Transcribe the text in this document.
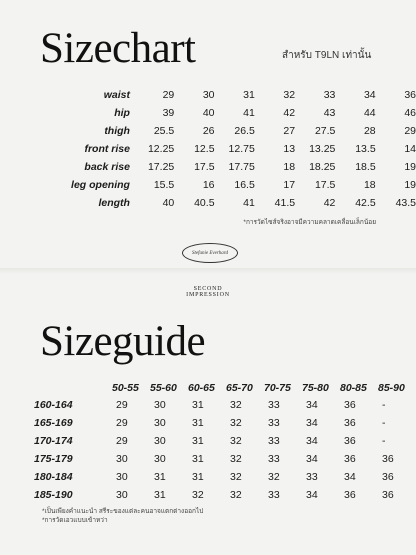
Sizechart	สำหรับ T9LN เท่านั้น
waist	29	30	31	32	33	34	36
hip	39	40	41	42	43	44	46
thigh	25.5	26	26.5	27	27.5	28	29
front rise	12.25	12.5	12.75	13	13.25	13.5	14
back rise	17.25	17.5	17.75	18	18.25	18.5	19
leg opening	15.5	16	16.5	17	17.5	18	19
length	40	40.5	41	41.5	42	42.5	43.5
*การวัดไซส์จริงอาจมีความคลาดเคลื่อนเล็กน้อย
Stefanie Everhard
SECOND
IMPRESSION
Sizeguide
	50-55	55-60	60-65	65-70	70-75	75-80	80-85	85-90
160-164	29	30	31	32	33	34	36	-
165-169	29	30	31	32	33	34	36	-
170-174	29	30	31	32	33	34	36	-
175-179	30	30	31	32	33	34	36	36
180-184	30	31	31	32	32	33	34	36
185-190	30	31	32	32	33	34	36	36
*เป็นเพียงคำแนะนำ สรีระของแต่ละคนอาจแตกต่างออกไป
*การวัดเอวแบบเข้าหว่า
